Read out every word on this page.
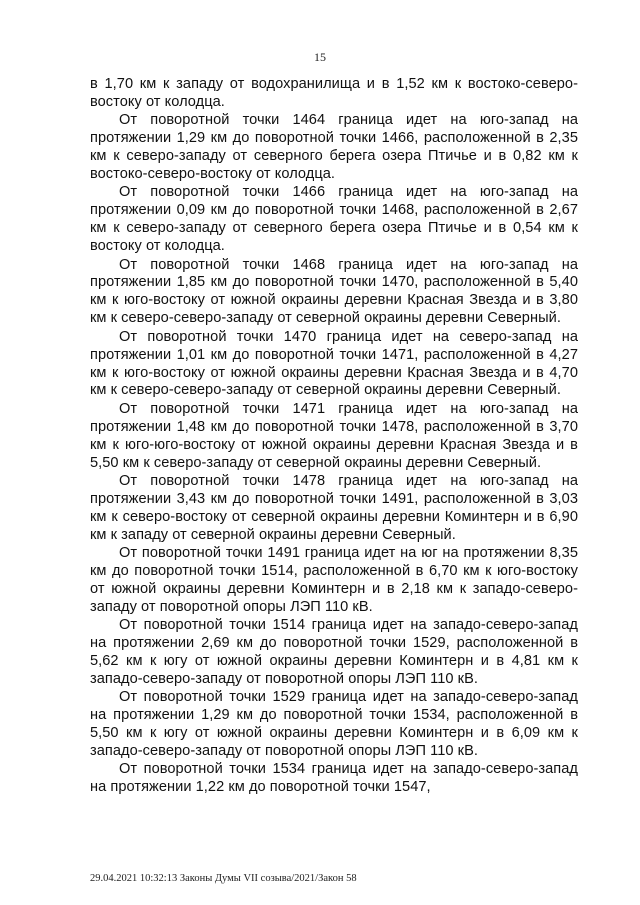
15

в 1,70 км к западу от водохранилища и в 1,52 км к востоко-северо-востоку от колодца.

От поворотной точки 1464 граница идет на юго-запад на протяжении 1,29 км до поворотной точки 1466, расположенной в 2,35 км к северо-западу от северного берега озера Птичье и в 0,82 км к востоко-северо-востоку от колодца.

От поворотной точки 1466 граница идет на юго-запад на протяжении 0,09 км до поворотной точки 1468, расположенной в 2,67 км к северо-западу от северного берега озера Птичье и в 0,54 км к востоку от колодца.

От поворотной точки 1468 граница идет на юго-запад на протяжении 1,85 км до поворотной точки 1470, расположенной в 5,40 км к юго-востоку от южной окраины деревни Красная Звезда и в 3,80 км к северо-северо-западу от северной окраины деревни Северный.

От поворотной точки 1470 граница идет на северо-запад на протяжении 1,01 км до поворотной точки 1471, расположенной в 4,27 км к юго-востоку от южной окраины деревни Красная Звезда и в 4,70 км к северо-северо-западу от северной окраины деревни Северный.

От поворотной точки 1471 граница идет на юго-запад на протяжении 1,48 км до поворотной точки 1478, расположенной в 3,70 км к юго-юго-востоку от южной окраины деревни Красная Звезда и в 5,50 км к северо-западу от северной окраины деревни Северный.

От поворотной точки 1478 граница идет на юго-запад на протяжении 3,43 км до поворотной точки 1491, расположенной в 3,03 км к северо-востоку от северной окраины деревни Коминтерн и в 6,90 км к западу от северной окраины деревни Северный.

От поворотной точки 1491 граница идет на юг на протяжении 8,35 км до поворотной точки 1514, расположенной в 6,70 км к юго-востоку от южной окраины деревни Коминтерн и в 2,18 км к западо-северо-западу от поворотной опоры ЛЭП 110 кВ.

От поворотной точки 1514 граница идет на западо-северо-запад на протяжении 2,69 км до поворотной точки 1529, расположенной в 5,62 км к югу от южной окраины деревни Коминтерн и в 4,81 км к западо-северо-западу от поворотной опоры ЛЭП 110 кВ.

От поворотной точки 1529 граница идет на западо-северо-запад на протяжении 1,29 км до поворотной точки 1534, расположенной в 5,50 км к югу от южной окраины деревни Коминтерн и в 6,09 км к западо-северо-западу от поворотной опоры ЛЭП 110 кВ.

От поворотной точки 1534 граница идет на западо-северо-запад на протяжении 1,22 км до поворотной точки 1547,

29.04.2021 10:32:13 Законы Думы VII созыва/2021/Закон 58
